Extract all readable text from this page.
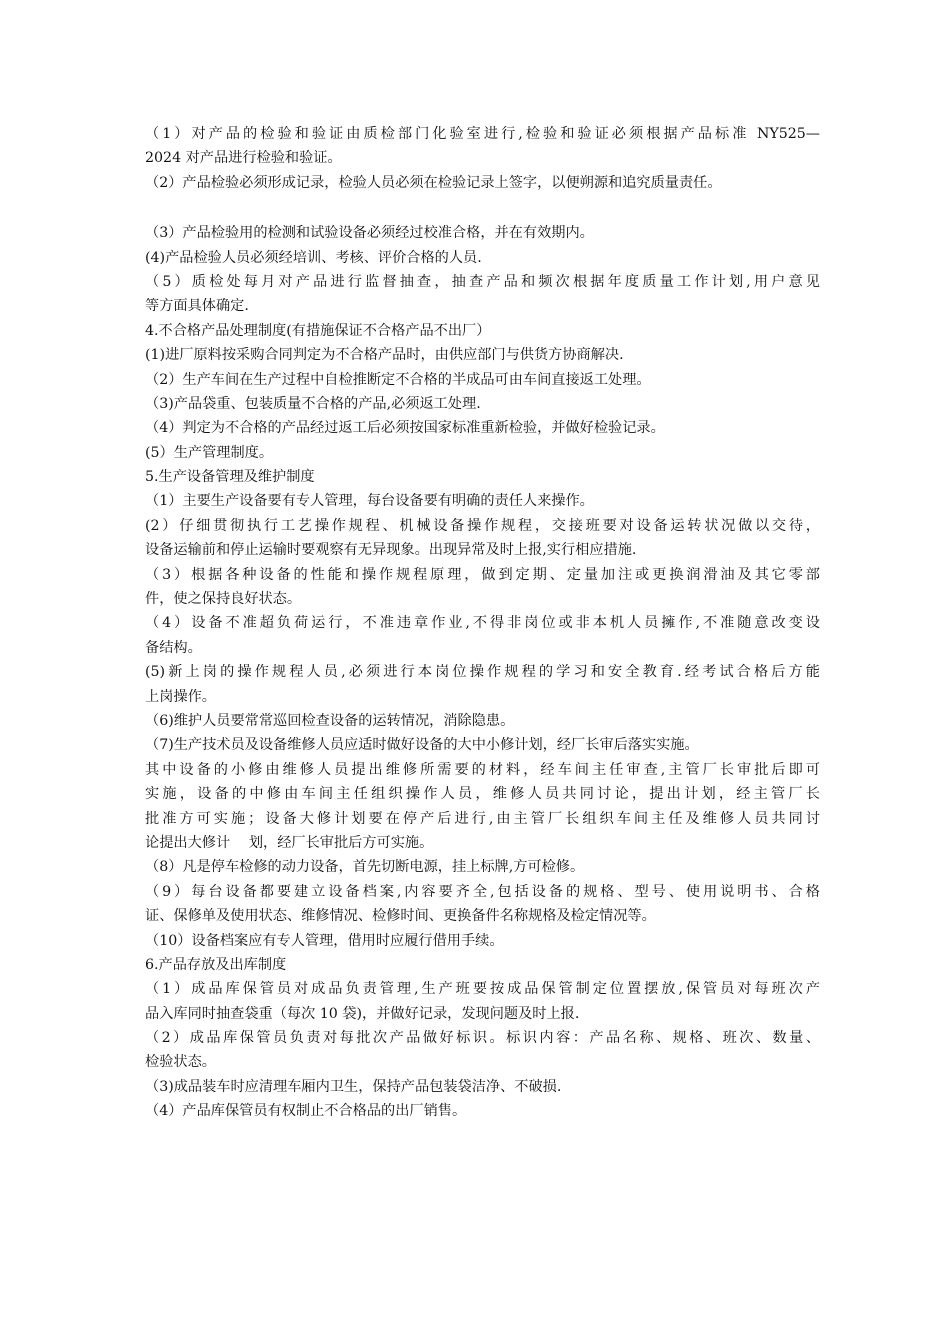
（1）对产品的检验和验证由质检部门化验室进行,检验和验证必须根据产品标准 NY525—
2024 对产品进行检验和验证。
（2）产品检验必须形成记录，检验人员必须在检验记录上签字，以便朔源和追究质量责任。
（3）产品检验用的检测和试验设备必须经过校准合格，并在有效期内。
(4)产品检验人员必须经培训、考核、评价合格的人员.
（5）质检处每月对产品进行监督抽查，抽查产品和频次根据年度质量工作计划,用户意见
等方面具体确定.
4.不合格产品处理制度(有措施保证不合格产品不出厂）
(1)进厂原料按采购合同判定为不合格产品时，由供应部门与供货方协商解决.
（2）生产车间在生产过程中自检推断定不合格的半成品可由车间直接返工处理。
（3)产品袋重、包装质量不合格的产品,必须返工处理.
（4）判定为不合格的产品经过返工后必须按国家标准重新检验，并做好检验记录。
(5）生产管理制度。
5.生产设备管理及维护制度
（1）主要生产设备要有专人管理，每台设备要有明确的责任人来操作。
(2）仔细贯彻执行工艺操作规程、机械设备操作规程，交接班要对设备运转状况做以交待，
设备运输前和停止运输时要观察有无异现象。出现异常及时上报,实行相应措施.
（3）根据各种设备的性能和操作规程原理，做到定期、定量加注或更换润滑油及其它零部
件，使之保持良好状态。
（4）设备不准超负荷运行，不准违章作业,不得非岗位或非本机人员擁作,不准随意改变设
备结构。
(5)新上岗的操作规程人员,必须进行本岗位操作规程的学习和安全教育.经考试合格后方能
上岗操作。
（6)维护人员要常常巡回检查设备的运转情况，消除隐患。
（7)生产技术员及设备维修人员应适时做好设备的大中小修计划，经厂长审后落实实施。
其中设备的小修由维修人员提出维修所需要的材料，经车间主任审查,主管厂长审批后即可
实施，设备的中修由车间主任组织操作人员，维修人员共同讨论，提出计划，经主管厂长
批准方可实施；设备大修计划要在停产后进行,由主管厂长组织车间主任及维修人员共同讨
论提出大修计　 划，经厂长审批后方可实施。
（8）凡是停车检修的动力设备，首先切断电源，挂上标牌,方可检修。
（9）每台设备都要建立设备档案,内容要齐全,包括设备的规格、型号、使用说明书、合格
证、保修单及使用状态、维修情况、检修时间、更换备件名称规格及检定情况等。
（10）设备档案应有专人管理，借用时应履行借用手续。
6.产品存放及出库制度
（1）成品库保管员对成品负责管理,生产班要按成品保管制定位置摆放,保管员对每班次产
品入库同时抽查袋重（每次 10 袋)，并做好记录，发现问题及时上报.
（2）成品库保管员负责对每批次产品做好标识。标识内容：产品名称、规格、班次、数量、
检验状态。
（3)成品装车时应清理车厢内卫生，保持产品包装袋洁净、不破损.
（4）产品库保管员有权制止不合格品的出厂销售。
